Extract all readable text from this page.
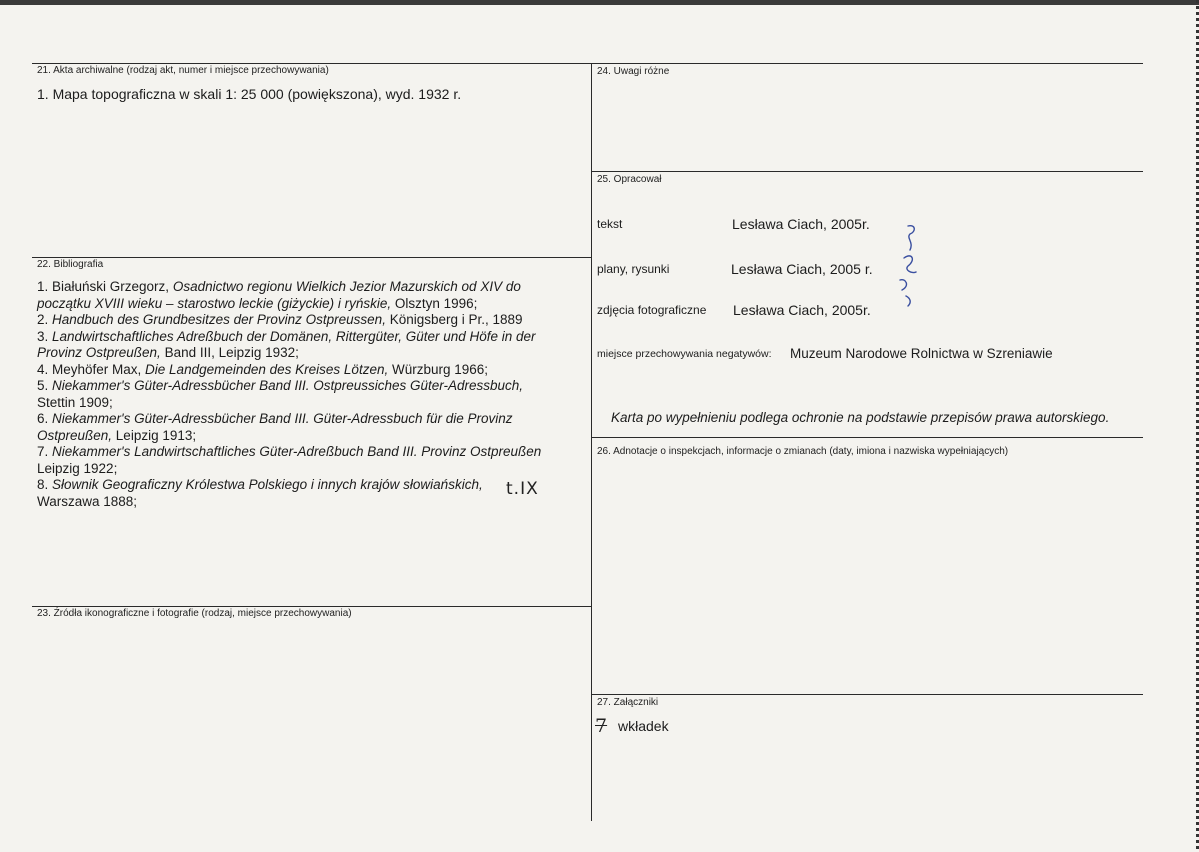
21. Akta archiwalne (rodzaj akt, numer i miejsce przechowywania)
1. Mapa topograficzna w skali 1: 25 000 (powiększona), wyd. 1932 r.
22. Bibliografia
1. Białuński Grzegorz, Osadnictwo regionu Wielkich Jezior Mazurskich od XIV do
początku XVIII wieku – starostwo leckie (giżyckie) i ryńskie, Olsztyn 1996;
2. Handbuch des Grundbesitzes der Provinz Ostpreussen, Königsberg i Pr., 1889
3. Landwirtschaftliches Adreßbuch der Domänen, Rittergüter, Güter und Höfe in der
Provinz Ostpreußen, Band III, Leipzig 1932;
4. Meyhöfer Max, Die Landgemeinden des Kreises Lötzen, Würzburg 1966;
5. Niekammer's Güter-Adressbücher Band III. Ostpreussiches Güter-Adressbuch,
Stettin 1909;
6. Niekammer's Güter-Adressbücher Band III. Güter-Adressbuch für die Provinz
Ostpreußen, Leipzig 1913;
7. Niekammer's Landwirtschaftliches Güter-Adreßbuch Band III. Provinz Ostpreußen
Leipzig 1922;
8. Słownik Geograficzny Królestwa Polskiego i innych krajów słowiańskich,
Warszawa 1888;
t.IX
23. Źródła ikonograficzne i fotografie (rodzaj, miejsce przechowywania)
24. Uwagi różne
25. Opracował
tekst	Lesława Ciach, 2005r.
plany, rysunki	Lesława Ciach, 2005 r.
zdjęcia fotograficzne Lesława Ciach, 2005r.
miejsce przechowywania negatywów: Muzeum Narodowe Rolnictwa w Szreniawie
Karta po wypełnieniu podlega ochronie na podstawie przepisów prawa autorskiego.
26. Adnotacje o inspekcjach, informacje o zmianach (daty, imiona i nazwiska wypełniających)
27. Załączniki
7 wkładek
